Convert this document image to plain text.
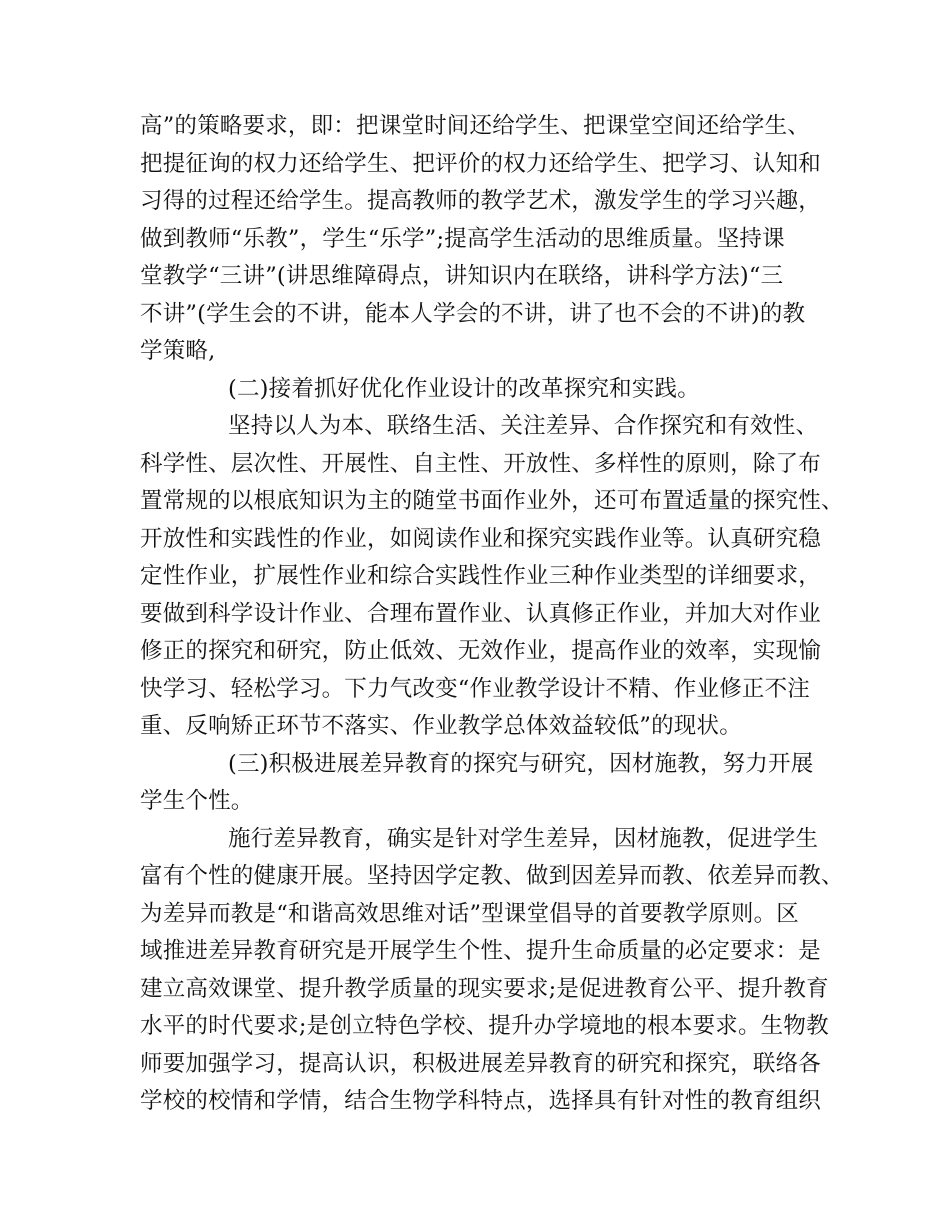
高”的策略要求，即：把课堂时间还给学生、把课堂空间还给学生、
把提征询的权力还给学生、把评价的权力还给学生、把学习、认知和
习得的过程还给学生。提高教师的教学艺术，激发学生的学习兴趣，
做到教师“乐教”，学生“乐学”;提高学生活动的思维质量。坚持课
堂教学“三讲”(讲思维障碍点，讲知识内在联络，讲科学方法)“三
不讲”(学生会的不讲，能本人学会的不讲，讲了也不会的不讲)的教
学策略,
(二)接着抓好优化作业设计的改革探究和实践。
坚持以人为本、联络生活、关注差异、合作探究和有效性、
科学性、层次性、开展性、自主性、开放性、多样性的原则，除了布
置常规的以根底知识为主的随堂书面作业外，还可布置适量的探究性、
开放性和实践性的作业，如阅读作业和探究实践作业等。认真研究稳
定性作业，扩展性作业和综合实践性作业三种作业类型的详细要求，
要做到科学设计作业、合理布置作业、认真修正作业，并加大对作业
修正的探究和研究，防止低效、无效作业，提高作业的效率，实现愉
快学习、轻松学习。下力气改变“作业教学设计不精、作业修正不注
重、反响矫正环节不落实、作业教学总体效益较低”的现状。
(三)积极进展差异教育的探究与研究，因材施教，努力开展
学生个性。
施行差异教育，确实是针对学生差异，因材施教，促进学生
富有个性的健康开展。坚持因学定教、做到因差异而教、依差异而教、
为差异而教是“和谐高效思维对话”型课堂倡导的首要教学原则。区
域推进差异教育研究是开展学生个性、提升生命质量的必定要求：是
建立高效课堂、提升教学质量的现实要求;是促进教育公平、提升教育
水平的时代要求;是创立特色学校、提升办学境地的根本要求。生物教
师要加强学习，提高认识，积极进展差异教育的研究和探究，联络各
学校的校情和学情，结合生物学科特点，选择具有针对性的教育组织
